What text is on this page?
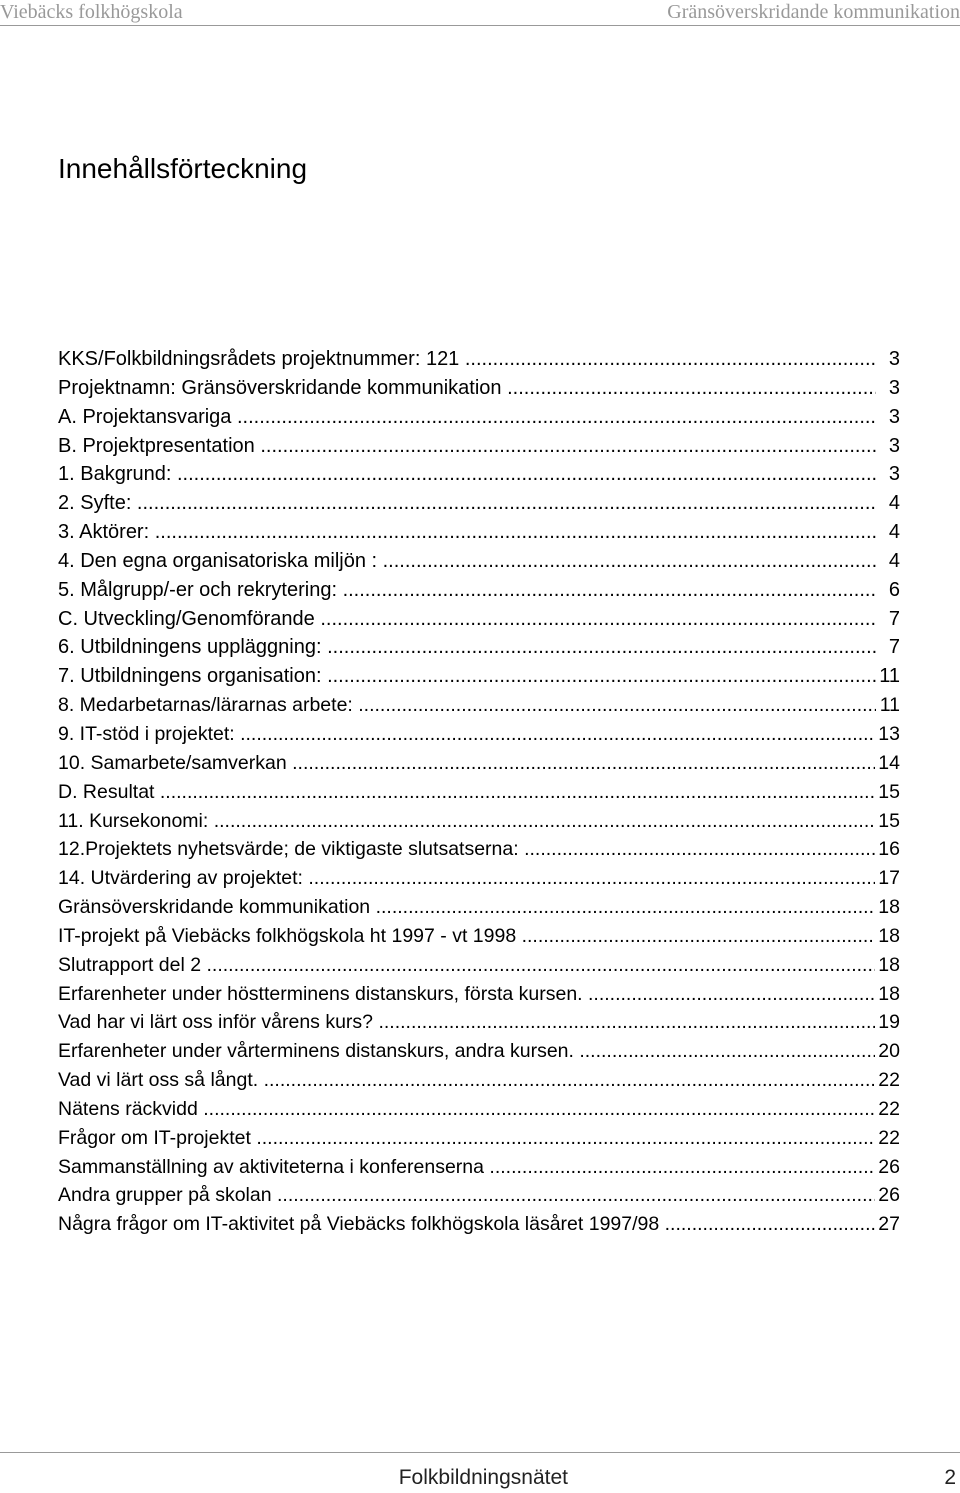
Viebäcks folkhögskola	Gränsöverskridande kommunikation
Innehållsförteckning
KKS/Folkbildningsrådets projektnummer: 121 .....	3
Projektnamn: Gränsöverskridande kommunikation .....	3
A. Projektansvariga .....	3
B. Projektpresentation .....	3
1. Bakgrund: .....	3
2. Syfte: .....	4
3. Aktörer: .....	4
4. Den egna organisatoriska miljön : .....	4
5. Målgrupp/-er och rekrytering: .....	6
C. Utveckling/Genomförande .....	7
6. Utbildningens uppläggning: .....	7
7. Utbildningens organisation: .....	11
8. Medarbetarnas/lärarnas arbete: .....	11
9. IT-stöd i projektet: .....	13
10. Samarbete/samverkan .....	14
D. Resultat .....	15
11. Kursekonomi: .....	15
12.Projektets nyhetsvärde; de viktigaste slutsatserna: .....	16
14. Utvärdering av projektet: .....	17
Gränsöverskridande kommunikation .....	18
IT-projekt på Viebäcks folkhögskola ht 1997 - vt 1998 .....	18
Slutrapport del 2 .....	18
Erfarenheter under höstterminens distanskurs, första kursen. .....	18
Vad har vi lärt oss inför vårens kurs? .....	19
Erfarenheter under vårterminens distanskurs, andra kursen. .....	20
Vad vi lärt oss så långt. .....	22
Nätens räckvidd .....	22
Frågor om IT-projektet .....	22
Sammanställning av aktiviteterna i konferenserna .....	26
Andra grupper på skolan .....	26
Några frågor om IT-aktivitet på Viebäcks folkhögskola läsåret 1997/98 .....	27
Folkbildningsnätet	2
